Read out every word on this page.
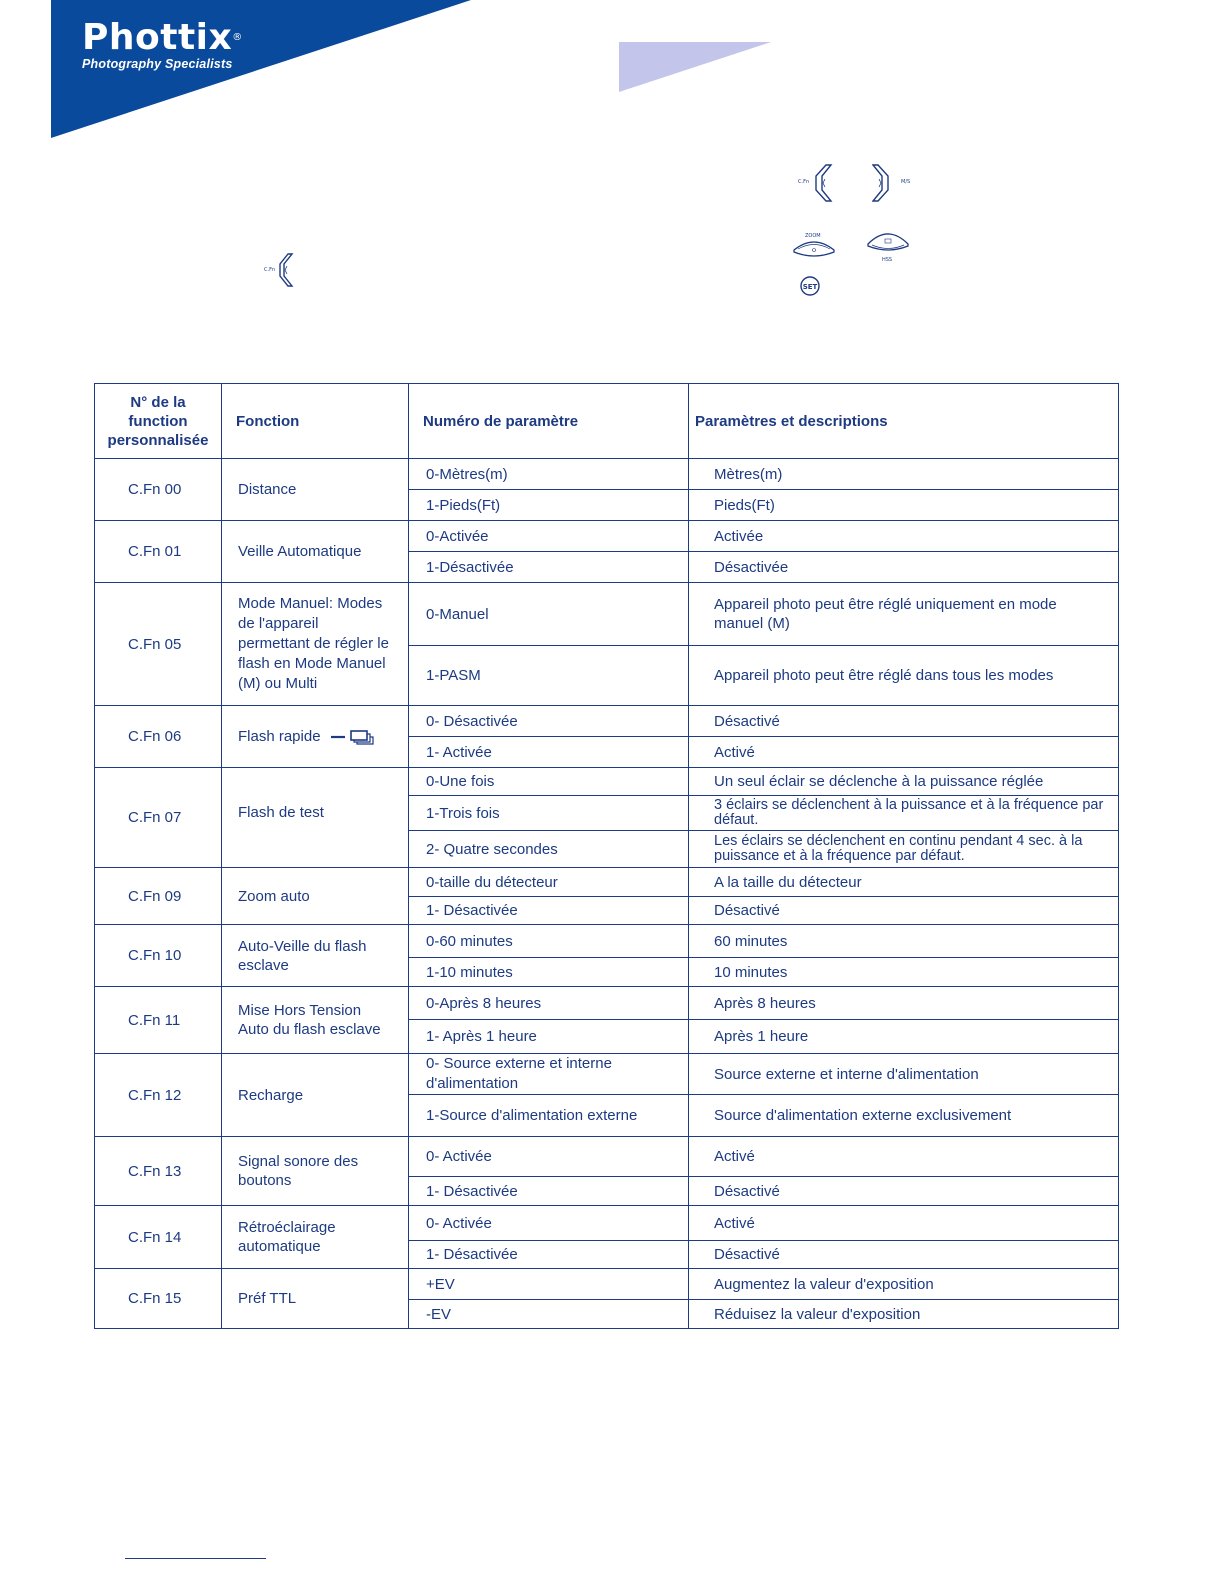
Phottix®
Photography Specialists
C.Fn
C.Fn	M/S
ZOOM
HSS
SET
N° de la function personnalisée	Fonction	Numéro de paramètre	Paramètres et descriptions
C.Fn 00	Distance	0-Mètres(m)	Mètres(m)
		1-Pieds(Ft)	Pieds(Ft)
C.Fn 01	Veille Automatique	0-Activée	Activée
		1-Désactivée	Désactivée
C.Fn 05	Mode Manuel: Modes de l'appareil permettant de régler le flash en Mode Manuel (M) ou Multi	0-Manuel	Appareil photo peut être réglé uniquement en mode manuel (M)
		1-PASM	Appareil photo peut être réglé dans tous les modes
C.Fn 06	Flash rapide	0- Désactivée	Désactivé
		1- Activée	Activé
C.Fn 07	Flash de test	0-Une fois	Un seul éclair se déclenche à la puissance réglée
		1-Trois fois	3 éclairs se déclenchent à la puissance et à la fréquence par défaut.
		2- Quatre secondes	Les éclairs se déclenchent en continu pendant 4 sec. à la puissance et à la fréquence par défaut.
C.Fn 09	Zoom auto	0-taille du détecteur	A la taille du détecteur
		1- Désactivée	Désactivé
C.Fn 10	Auto-Veille du flash esclave	0-60 minutes	60 minutes
		1-10 minutes	10 minutes
C.Fn 11	Mise Hors Tension Auto du flash esclave	0-Après 8 heures	Après 8 heures
		1- Après 1 heure	Après 1 heure
C.Fn 12	Recharge	0- Source externe et interne d'alimentation	Source externe et interne d'alimentation
		1-Source d'alimentation externe	Source d'alimentation externe exclusivement
C.Fn 13	Signal sonore des boutons	0- Activée	Activé
		1- Désactivée	Désactivé
C.Fn 14	Rétroéclairage automatique	0- Activée	Activé
		1- Désactivée	Désactivé
C.Fn 15	Préf TTL	+EV	Augmentez la valeur d'exposition
		-EV	Réduisez la valeur d'exposition
